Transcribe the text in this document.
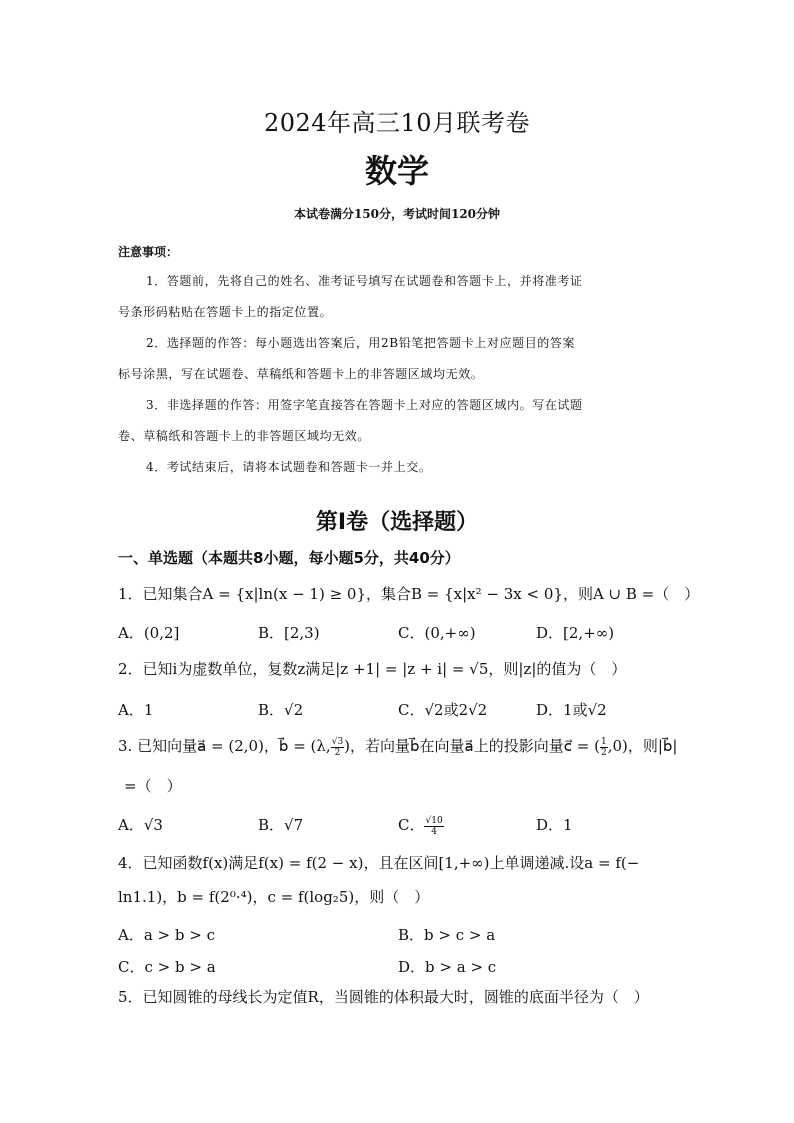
2024年高三10月联考卷
数学
本试卷满分150分，考试时间120分钟
注意事项：
1．答题前，先将自己的姓名、准考证号填写在试题卷和答题卡上，并将准考证
号条形码粘贴在答题卡上的指定位置。
2．选择题的作答：每小题选出答案后，用2B铅笔把答题卡上对应题目的答案
标号涂黑，写在试题卷、草稿纸和答题卡上的非答题区域均无效。
3．非选择题的作答：用签字笔直接答在答题卡上对应的答题区域内。写在试题
卷、草稿纸和答题卡上的非答题区域均无效。
4．考试结束后，请将本试题卷和答题卡一并上交。
第Ⅰ卷（选择题）
一、单选题（本题共8小题，每小题5分，共40分）
1．已知集合A = {x|ln(x − 1) ≥ 0}，集合B = {x|x² − 3x < 0}，则A ∪ B =（　）
A．(0,2]	B．[2,3)	C．(0,+∞)	D．[2,+∞)
2．已知i为虚数单位，复数z满足|z +1| = |z + i| = √5，则|z|的值为（　）
A．1	B．√2	C．√2或2√2	D．1或√2
3. 已知向量a⃗ = (2,0)，b⃗ = (λ, $\frac{√3}{2}$ )，若向量b⃗在向量a⃗上的投影向量c⃗ = ( $\frac{1}{2} ,0$)，则|b⃗|
=（　）
A．√3	B．√7	C． $\frac{√10}{4}$	D．1
4．已知函数f(x)满足f(x) = f(2 − x)，且在区间[1,+∞)上单调递减.设a = f(−
ln1.1)，b = f(2⁰·⁴)，c = f(log₂5)，则（　）
A．a > b > c	B．b > c > a
C．c > b > a	D．b > a > c
5．已知圆锥的母线长为定值R，当圆锥的体积最大时，圆锥的底面半径为（　）
